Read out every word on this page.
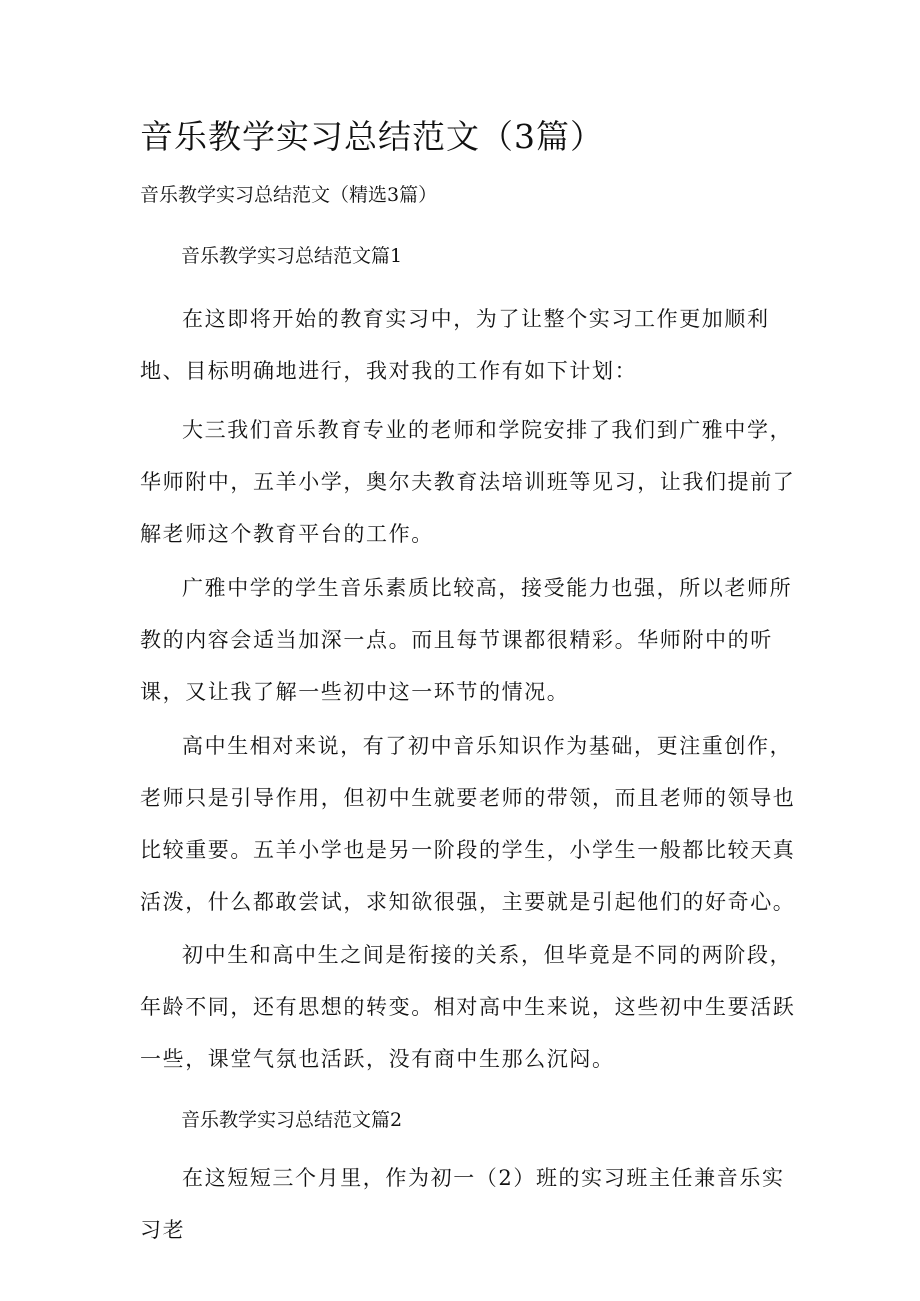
音乐教学实习总结范文（3篇）
音乐教学实习总结范文（精选3篇）
音乐教学实习总结范文篇1
在这即将开始的教育实习中，为了让整个实习工作更加顺利地、目标明确地进行，我对我的工作有如下计划：
大三我们音乐教育专业的老师和学院安排了我们到广雅中学，华师附中，五羊小学，奥尔夫教育法培训班等见习，让我们提前了解老师这个教育平台的工作。
广雅中学的学生音乐素质比较高，接受能力也强，所以老师所教的内容会适当加深一点。而且每节课都很精彩。华师附中的听课，又让我了解一些初中这一环节的情况。
高中生相对来说，有了初中音乐知识作为基础，更注重创作，老师只是引导作用，但初中生就要老师的带领，而且老师的领导也比较重要。五羊小学也是另一阶段的学生，小学生一般都比较天真活泼，什么都敢尝试，求知欲很强，主要就是引起他们的好奇心。
初中生和高中生之间是衔接的关系，但毕竟是不同的两阶段，年龄不同，还有思想的转变。相对高中生来说，这些初中生要活跃一些，课堂气氛也活跃，没有商中生那么沉闷。
音乐教学实习总结范文篇2
在这短短三个月里，作为初一（2）班的实习班主任兼音乐实习老
